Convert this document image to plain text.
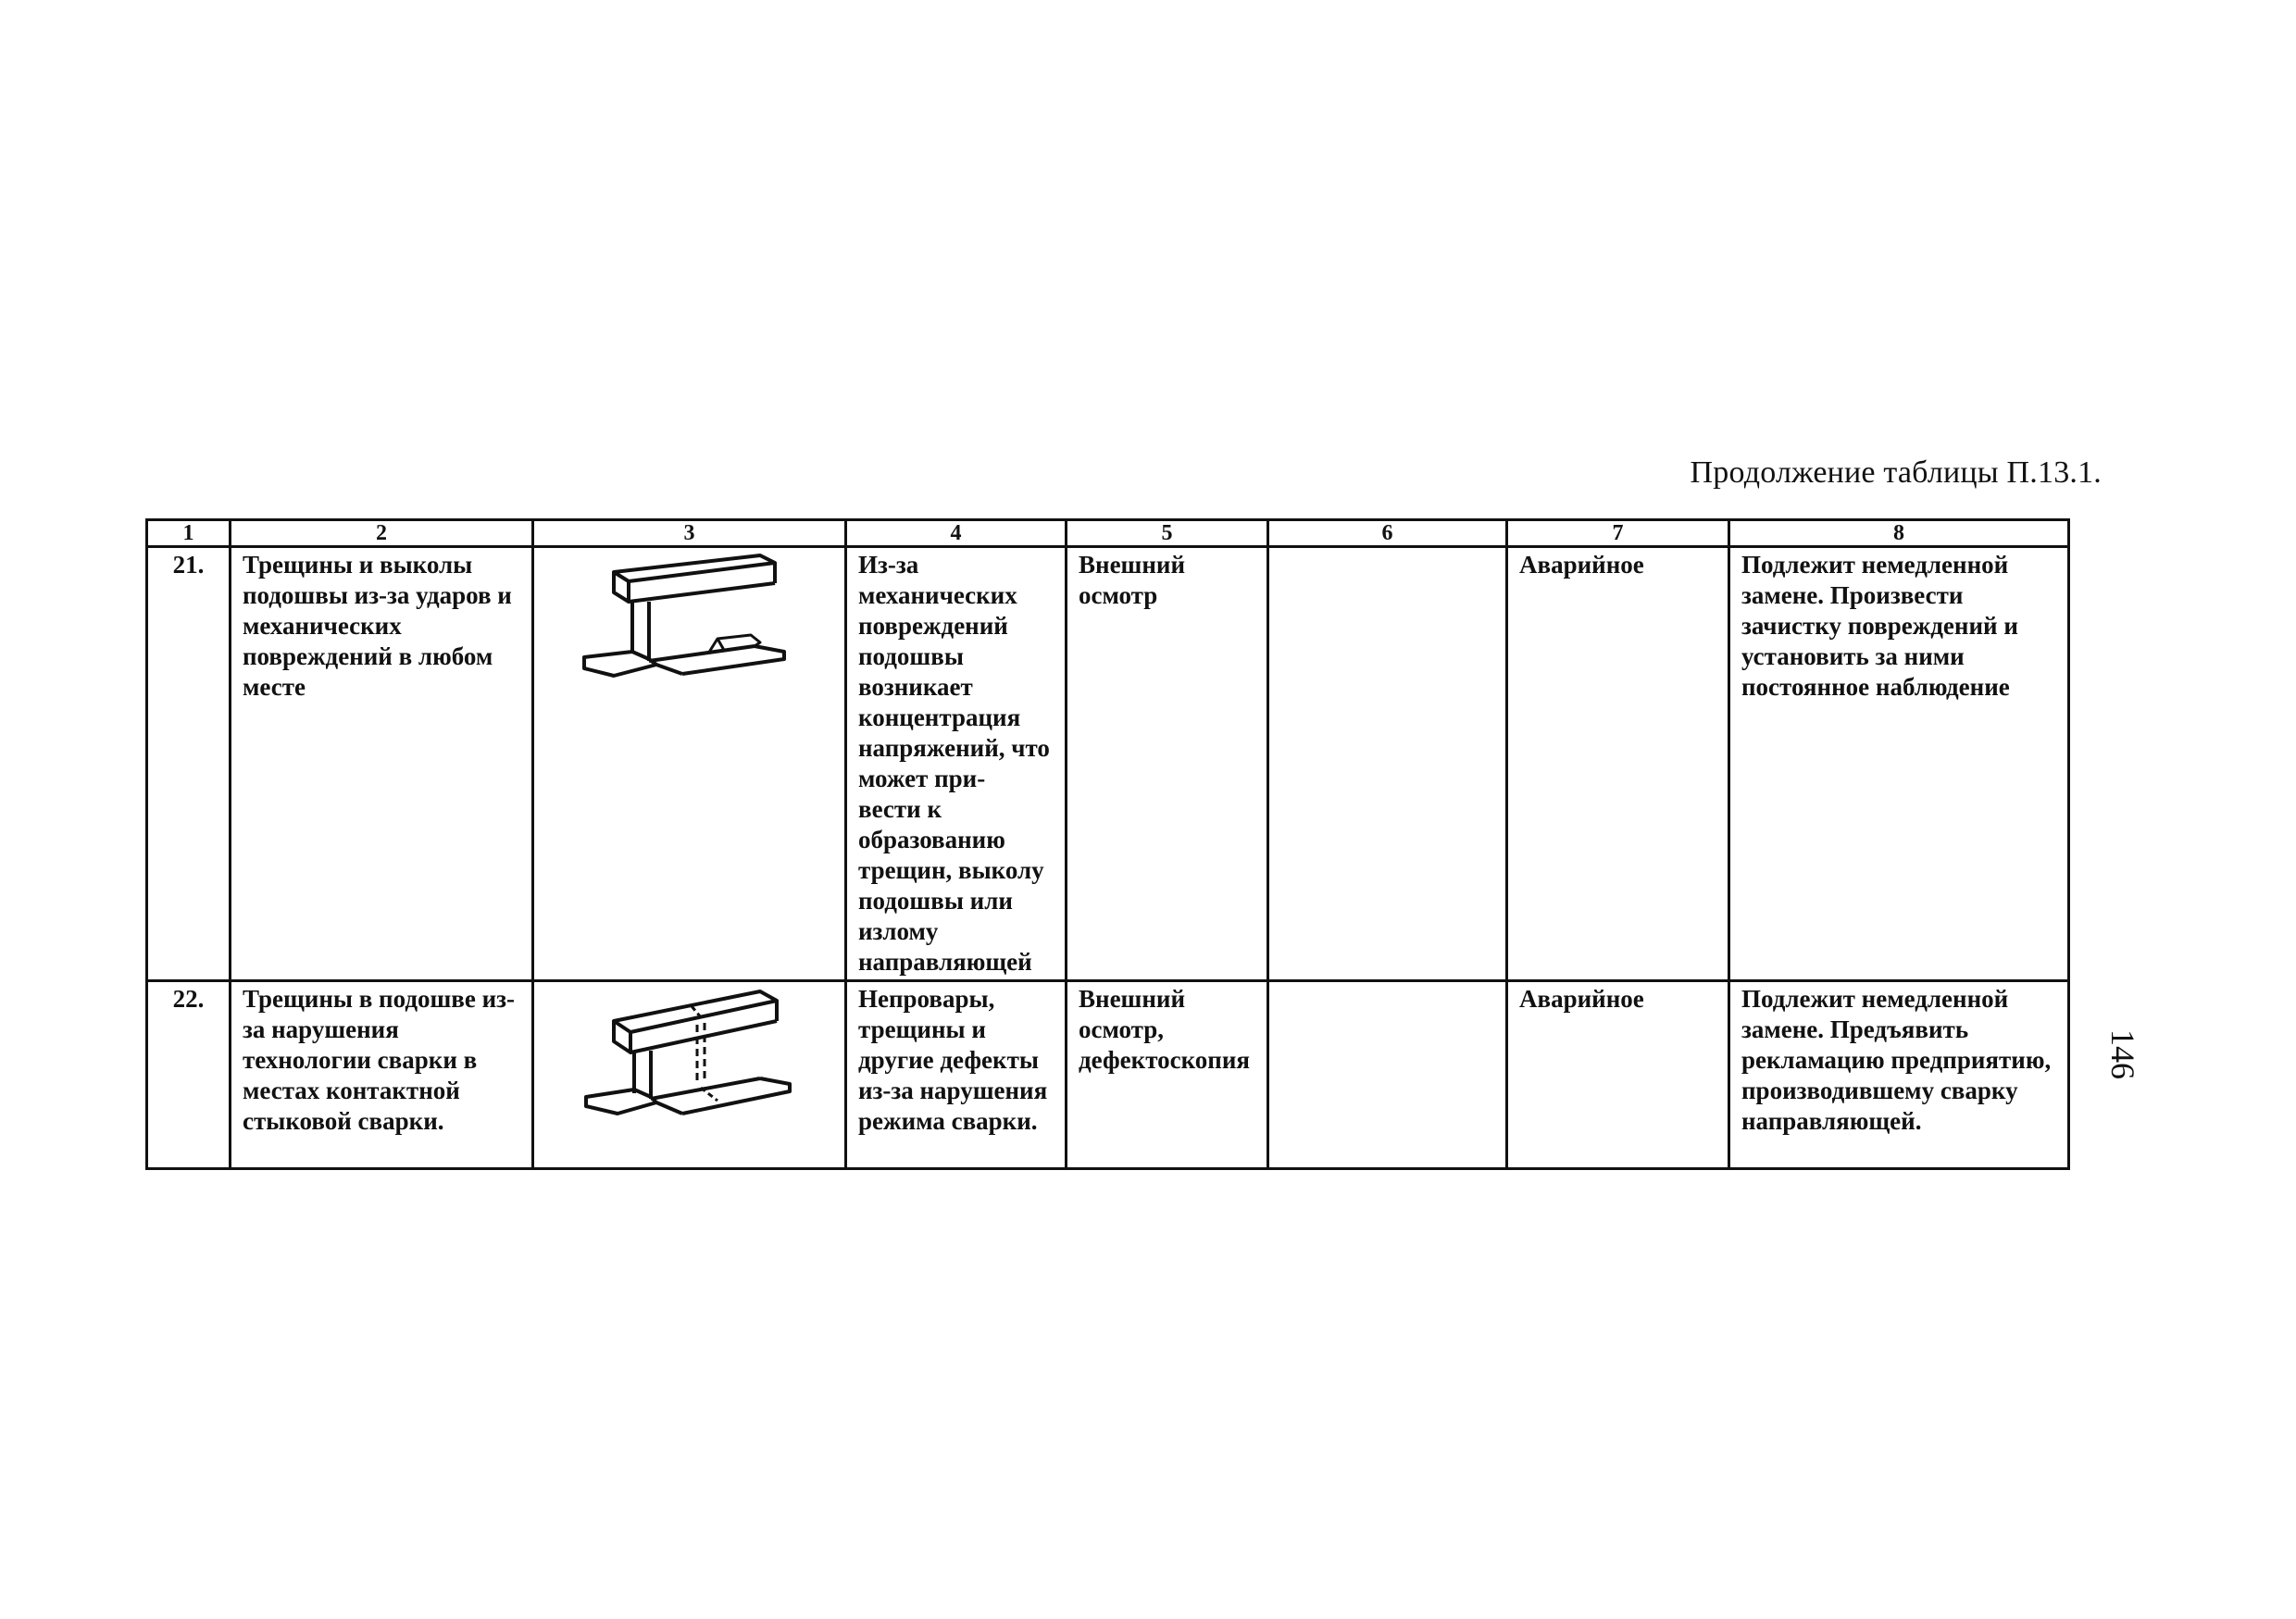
Продолжение таблицы П.13.1.
146
1	2	3	4	5	6	7	8
21.	Трещины и выколы подошвы из-за ударов и механических повреждений в любом месте		Из-за механических повреждений подошвы возникает концентрация напряжений, что может при- вести к образованию трещин, выколу подошвы или излому направляющей	Внешний осмотр		Аварийное	Подлежит немедленной замене. Произвести зачистку повреждений и установить за ними постоянное наблюдение
22.	Трещины в подошве из- за нарушения технологии сварки в местах контактной стыковой сварки.		Непровары, трещины и другие дефекты из-за нарушения режима сварки.	Внешний осмотр, дефектоскопия		Аварийное	Подлежит немедленной замене. Предъявить рекламацию предприятию, производившему сварку направляющей.
